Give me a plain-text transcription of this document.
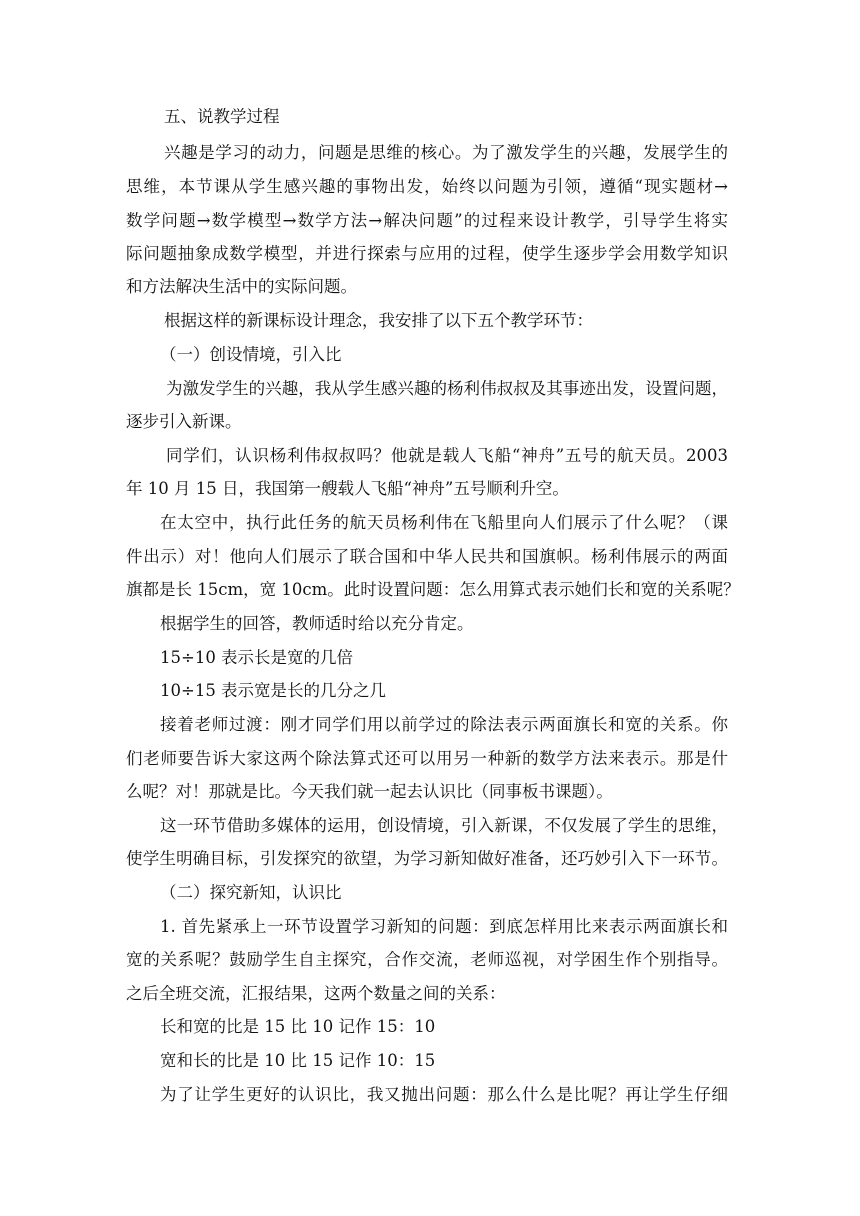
五、说教学过程
兴趣是学习的动力，问题是思维的核心。为了激发学生的兴趣，发展学生的
思维，本节课从学生感兴趣的事物出发，始终以问题为引领，遵循“现实题材→
数学问题→数学模型→数学方法→解决问题”的过程来设计教学，引导学生将实
际问题抽象成数学模型，并进行探索与应用的过程，使学生逐步学会用数学知识
和方法解决生活中的实际问题。
根据这样的新课标设计理念，我安排了以下五个教学环节：
（一）创设情境，引入比
为激发学生的兴趣，我从学生感兴趣的杨利伟叔叔及其事迹出发，设置问题，
逐步引入新课。
同学们，认识杨利伟叔叔吗？他就是载人飞船“神舟”五号的航天员。2003
年 10 月 15 日，我国第一艘载人飞船“神舟”五号顺利升空。
在太空中，执行此任务的航天员杨利伟在飞船里向人们展示了什么呢？（课
件出示）对！他向人们展示了联合国和中华人民共和国旗帜。杨利伟展示的两面
旗都是长 15cm，宽 10cm。此时设置问题：怎么用算式表示她们长和宽的关系呢？
根据学生的回答，教师适时给以充分肯定。
15÷10 表示长是宽的几倍
10÷15 表示宽是长的几分之几
接着老师过渡：刚才同学们用以前学过的除法表示两面旗长和宽的关系。你
们老师要告诉大家这两个除法算式还可以用另一种新的数学方法来表示。那是什
么呢？对！那就是比。今天我们就一起去认识比（同事板书课题）。
这一环节借助多媒体的运用，创设情境，引入新课，不仅发展了学生的思维，
使学生明确目标，引发探究的欲望，为学习新知做好准备，还巧妙引入下一环节。
（二）探究新知，认识比
1. 首先紧承上一环节设置学习新知的问题：到底怎样用比来表示两面旗长和
宽的关系呢？鼓励学生自主探究，合作交流，老师巡视，对学困生作个别指导。
之后全班交流，汇报结果，这两个数量之间的关系：
长和宽的比是 15 比 10 记作 15：10
宽和长的比是 10 比 15 记作 10：15
为了让学生更好的认识比，我又抛出问题：那么什么是比呢？再让学生仔细
